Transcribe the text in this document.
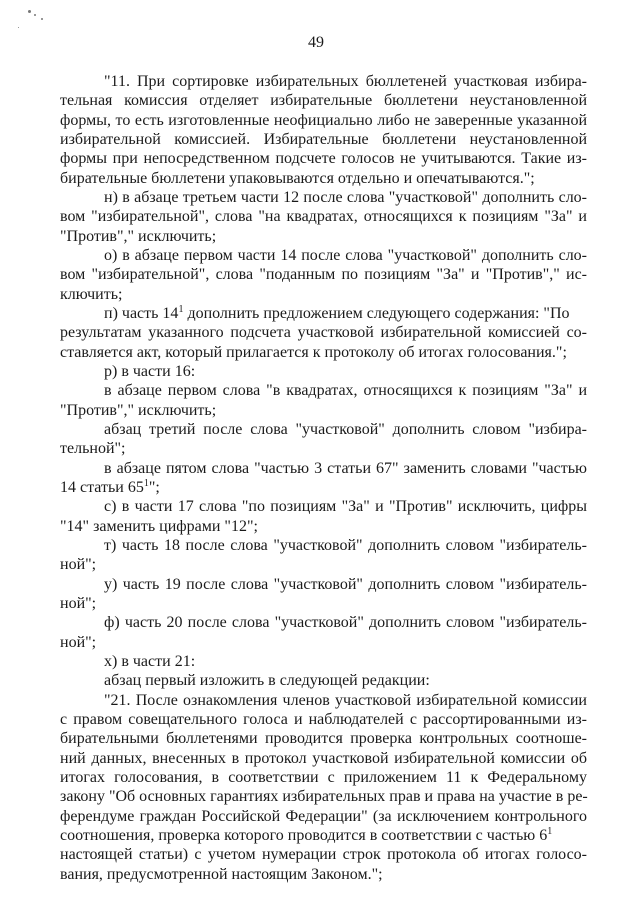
49
"11. При сортировке избирательных бюллетеней участковая избира-
тельная комиссия отделяет избирательные бюллетени неустановленной
формы, то есть изготовленные неофициально либо не заверенные указанной
избирательной комиссией. Избирательные бюллетени неустановленной
формы при непосредственном подсчете голосов не учитываются. Такие из-
бирательные бюллетени упаковываются отдельно и опечатываются.";
н) в абзаце третьем части 12 после слова "участковой" дополнить сло-
вом "избирательной", слова "на квадратах, относящихся к позициям "За" и
"Против"," исключить;
о) в абзаце первом части 14 после слова "участковой" дополнить сло-
вом "избирательной", слова "поданным по позициям "За" и "Против"," ис-
ключить;
п) часть $14^1$ дополнить предложением следующего содержания: "По
результатам указанного подсчета участковой избирательной комиссией со-
ставляется акт, который прилагается к протоколу об итогах голосования.";
р) в части 16:
в абзаце первом слова "в квадратах, относящихся к позициям "За" и
"Против"," исключить;
абзац третий после слова "участковой" дополнить словом "избира-
тельной";
в абзаце пятом слова "частью 3 статьи 67" заменить словами "частью
14 статьи $65^1$";
с) в части 17 слова "по позициям "За" и "Против" исключить, цифры
"14" заменить цифрами "12";
т) часть 18 после слова "участковой" дополнить словом "избиратель-
ной";
у) часть 19 после слова "участковой" дополнить словом "избиратель-
ной";
ф) часть 20 после слова "участковой" дополнить словом "избиратель-
ной";
х) в части 21:
абзац первый изложить в следующей редакции:
"21. После ознакомления членов участковой избирательной комиссии
с правом совещательного голоса и наблюдателей с рассортированными из-
бирательными бюллетенями проводится проверка контрольных соотноше-
ний данных, внесенных в протокол участковой избирательной комиссии об
итогах голосования, в соответствии с приложением 11 к Федеральному
закону "Об основных гарантиях избирательных прав и права на участие в ре-
ферендуме граждан Российской Федерации" (за исключением контрольного
соотношения, проверка которого проводится в соответствии с частью $6^1$
настоящей статьи) с учетом нумерации строк протокола об итогах голосо-
вания, предусмотренной настоящим Законом.";
